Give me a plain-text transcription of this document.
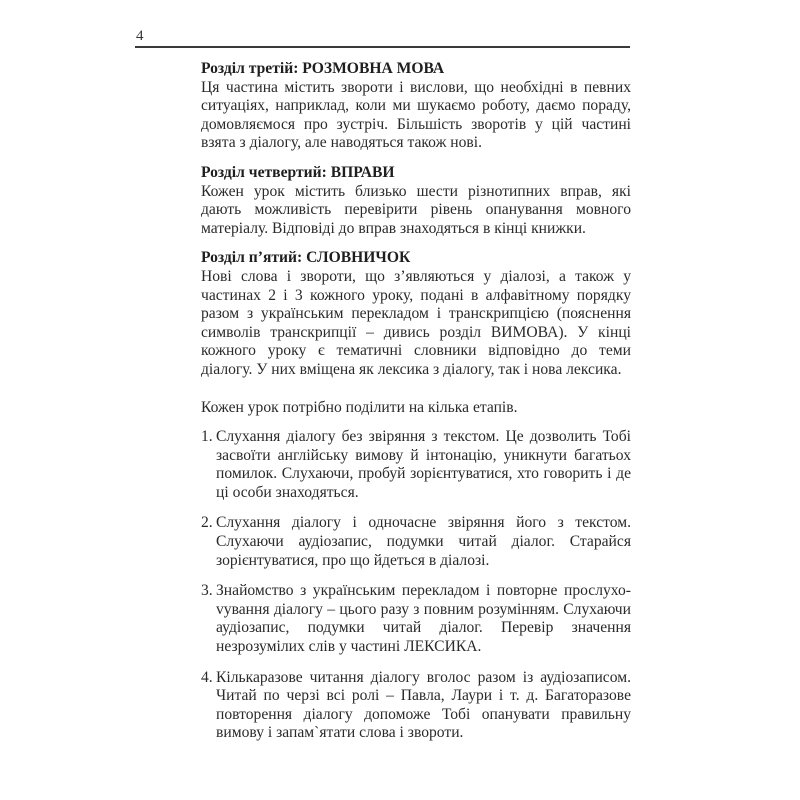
4

Розділ третій: РОЗМОВНА МОВА

Ця частина містить звороти і вислови, що необхідні в певних ситуаціях, наприклад, коли ми шукаємо роботу, даємо пораду, домовляємося про зустріч. Більшість зворотів у цій частині взята з діалогу, але наводяться також нові.

Розділ четвертий: ВПРАВИ

Кожен урок містить близько шести різнотипних вправ, які дають можливість перевірити рівень опанування мовного матеріалу. Відповіді до вправ знаходяться в кінці книжки.

Розділ п’ятий: СЛОВНИЧОК

Нові слова і звороти, що з’являються у діалозі, а також у частинах 2 і 3 кожного уроку, подані в алфавітному порядку разом з українським перекладом і транскрипцією (пояснення символів транскрипції – дивись розділ ВИМОВА). У кінці кожного уроку є тематичні словники відповідно до теми діалогу. У них вміщена як лексика з діалогу, так і нова лексика.

Кожен урок потрібно поділити на кілька етапів.

1. Слухання діалогу без звіряння з текстом. Це дозволить Тобі засвоїти англійську вимову й інтонацію, уникнути багатьох помилок. Слухаючи, пробуй зорієнтуватися, хто говорить і де ці особи знаходяться.
2. Слухання діалогу і одночасне звіряння його з текстом. Слухаючи аудіозапис, подумки читай діалог. Старайся зорієнтуватися, про що йдеться в діалозі.
3. Знайомство з українським перекладом і повторне прослухоvування діалогу – цього разу з повним розумінням. Слухаючи аудіозапис, подумки читай діалог. Перевір значення незрозумілих слів у частині ЛЕКСИКА.
4. Кількаразове читання діалогу вголос разом із аудіозаписом. Читай по черзі всі ролі – Павла, Лаури і т. д. Багаторазове повторення діалогу допоможе Тобі опанувати правильну вимову і запам`ятати слова і звороти.
